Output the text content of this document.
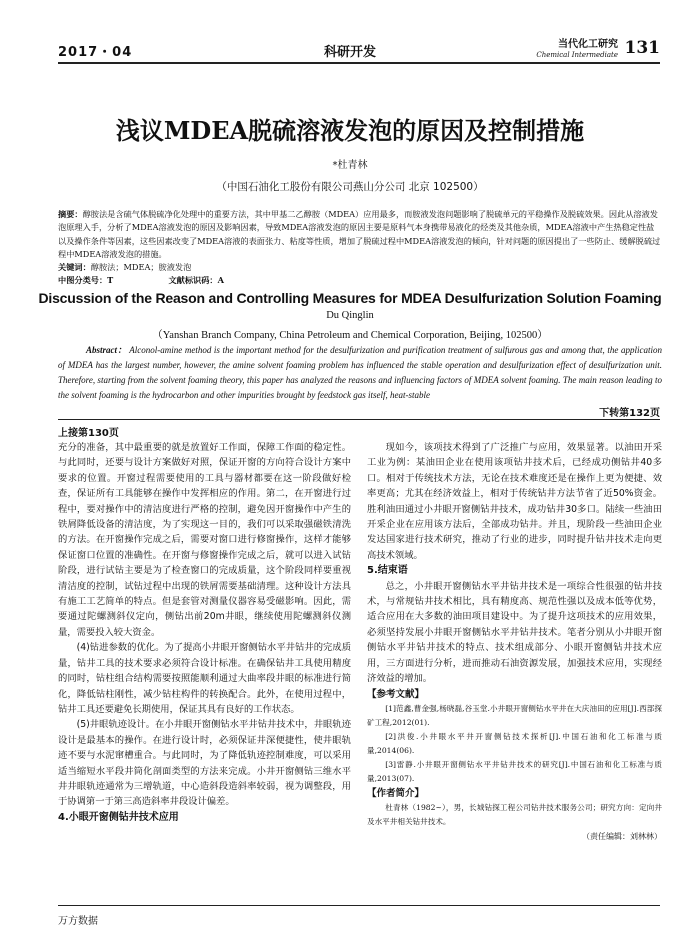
2017・04	科研开发
当代化工研究
Chemical Intermediate 131
浅议MDEA脱硫溶液发泡的原因及控制措施
*杜青林
（中国石油化工股份有限公司燕山分公司 北京 102500）
摘要：醇胺法是含硫气体脱硫净化处理中的重要方法，其中甲基二乙醇胺（MDEA）应用最多，而胺液发泡问题影响了脱硫单元的平稳操作及脱硫效果。因此从溶液发泡原理入手，分析了MDEA溶液发泡的原因及影响因素，导致MDEA溶液发泡的原因主要是原料气本身携带易液化的烃类及其他杂质，MDEA溶液中产生热稳定性盐以及操作条件等因素，这些因素改变了MDEA溶液的表面张力、粘度等性质，增加了脱硫过程中MDEA溶液发泡的倾向，针对问题的原因提出了一些防止、缓解脱硫过程中MDEA溶液发泡的措施。
关键词：醇胺法；MDEA；胺液发泡
中图分类号：T	文献标识码：A
Discussion of the Reason and Controlling Measures for MDEA Desulfurization Solution Foaming
Du Qinglin
（Yanshan Branch Company, China Petroleum and Chemical Corporation, Beijing, 102500）
Abstract： Alconol-amine method is the important method for the desulfurization and purification treatment of sulfurous gas and among that, the application of MDEA has the largest number, however, the amine solvent foaming problem has influenced the stable operation and desulfurization effect of desulfurization unit. Therefore, starting from the solvent foaming theory, this paper has analyzed the reasons and influencing factors of MDEA solvent foaming. The main reason leading to the solvent foaming is the hydrocarbon and other impurities brought by feedstock gas itself, heat-stable
下转第132页
上接第130页

充分的准备，其中最重要的就是放置好工作面，保障工作面的稳定性。与此同时，还要与设计方案做好对照，保证开窗的方向符合设计方案中要求的位置。开窗过程需要使用的工具与器材都要在这一阶段做好检查，保证所有工具能够在操作中发挥相应的作用。第二，在开窗进行过程中，要对操作中的清洁度进行严格的控制，避免因开窗操作中产生的铁屑降低设备的清洁度，为了实现这一目的，我们可以采取强磁铁清洗的方法。在开窗操作完成之后，需要对窗口进行修窗操作，这样才能够保证窗口位置的准确性。在开窗与修窗操作完成之后，就可以进入试钻阶段，进行试钻主要是为了检查窗口的完成质量，这个阶段同样要重视清洁度的控制，试钻过程中出现的铁屑需要基础清理。这种设计方法具有施工工艺简单的特点。但是套管对测量仪器容易受磁影响。因此，需要通过陀螺测斜仪定向，侧钻出前20m井眼，继续使用陀螺测斜仪测量，需要投入较大资金。

(4)钻进参数的优化。为了提高小井眼开窗侧钻水平井钻井的完成质量，钻井工具的技术要求必须符合设计标准。在确保钻井工具使用精度的同时，钻柱组合结构需要按照能顺利通过大曲率段井眼的标准进行简化，降低钻柱刚性，减少钻柱构件的转换配合。此外，在使用过程中，钻井工具还要避免长期使用，保证其具有良好的工作状态。

(5)井眼轨迹设计。在小井眼开窗侧钻水平井钻井技术中，井眼轨迹设计是最基本的操作。在进行设计时，必须保证井深便捷性，使井眼轨迹不要与水泥窜槽重合。与此同时，为了降低轨迹控制难度，可以采用适当缩短水平段井筒化剖面类型的方法来完成。小井开窗侧钻三维水平井井眼轨迹通常为三增轨道，中心造斜段造斜率较弱，视为调整段，用于协调第一于第三高造斜率井段设计偏差。

4.小眼开窗侧钻井技术应用

现如今，该项技术得到了广泛推广与应用，效果显著。以油田开采工业为例：某油田企业在使用该项钻井技术后，已经成功侧钻井40多口。相对于传统技术方法，无论在技术难度还是在操作上更为便捷、效率更高；尤其在经济效益上，相对于传统钻井方法节省了近50%资金。胜利油田通过小井眼开窗侧钻井技术，成功钻井30多口。陆续一些油田开采企业在应用该方法后，全部成功钻井。并且，现阶段一些油田企业发达国家进行技术研究，推动了行业的进步，同时提升钻井技术走向更高技术领域。

5.结束语

总之，小井眼开窗侧钻水平井钻井技术是一项综合性很强的钻井技术，与常规钻井技术相比，具有精度高、规范性强以及成本低等优势，适合应用在大多数的油田项目建设中。为了提升这项技术的应用效果，必须坚持发展小井眼开窗侧钻水平井钻井技术。笔者分别从小井眼开窗侧钻水平井钻井技术的特点、技术组成部分、小眼开窗侧钻井技术应用，三方面进行分析，进而推动石油资源发展，加强技术应用，实现经济效益的增加。

【参考文献】

[1]范鑫,曹金强,杨晓磊,谷玉堂.小井眼开窗侧钻水平井在大庆油田的应用[J].西部探矿工程,2012(01).

[2]洪俊.小井眼水平井开窗侧钻技术探析[J].中国石油和化工标准与质量,2014(06).

[3]雷静.小井眼开窗侧钻水平井钻井技术的研究[J].中国石油和化工标准与质量,2013(07).

【作者简介】

杜青林（1982~），男，长城钻探工程公司钻井技术服务公司；研究方向：定向井及水平井相关钻井技术。

（责任编辑：刘林林）

万方数据
